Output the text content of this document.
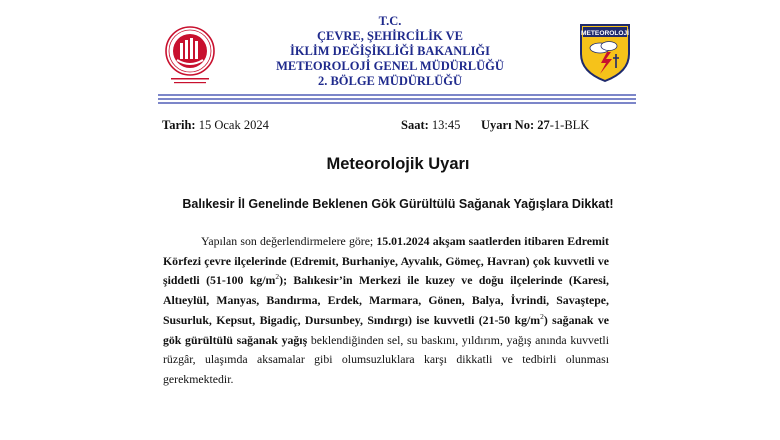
T.C.
ÇEVRE, ŞEHİRCİLİK VE
İKLİM DEĞİŞİKLİĞİ BAKANLIĞI
METEOROLOJİ GENEL MÜDÜRLÜĞÜ
2. BÖLGE MÜDÜRLÜĞÜ
METEOROLOJİ
Tarih: 15 Ocak 2024	Saat: 13:45 Uyarı No: 27-1-BLK
Meteorolojik Uyarı
Balıkesir İl Genelinde Beklenen Gök Gürültülü Sağanak Yağışlara Dikkat!

Yapılan son değerlendirmelere göre; 15.01.2024 akşam saatlerden itibaren Edremit Körfezi çevre ilçelerinde (Edremit, Burhaniye, Ayvalık, Gömeç, Havran) çok kuvvetli ve şiddetli (51-100 $kg/m^2$); Balıkesir’in Merkezi ile kuzey ve doğu ilçelerinde (Karesi, Altıeylül, Manyas, Bandırma, Erdek, Marmara, Gönen, Balya, İvrindi, Savaştepe, Susurluk, Kepsut, Bigadiç, Dursunbey, Sındırgı) ise kuvvetli (21-50 $kg/m^2$) sağanak ve gök gürültülü sağanak yağış beklendiğinden sel, su baskını, yıldırım, yağış anında kuvvetli rüzgâr, ulaşımda aksamalar gibi olumsuzluklara karşı dikkatli ve tedbirli olunması gerekmektedir.
